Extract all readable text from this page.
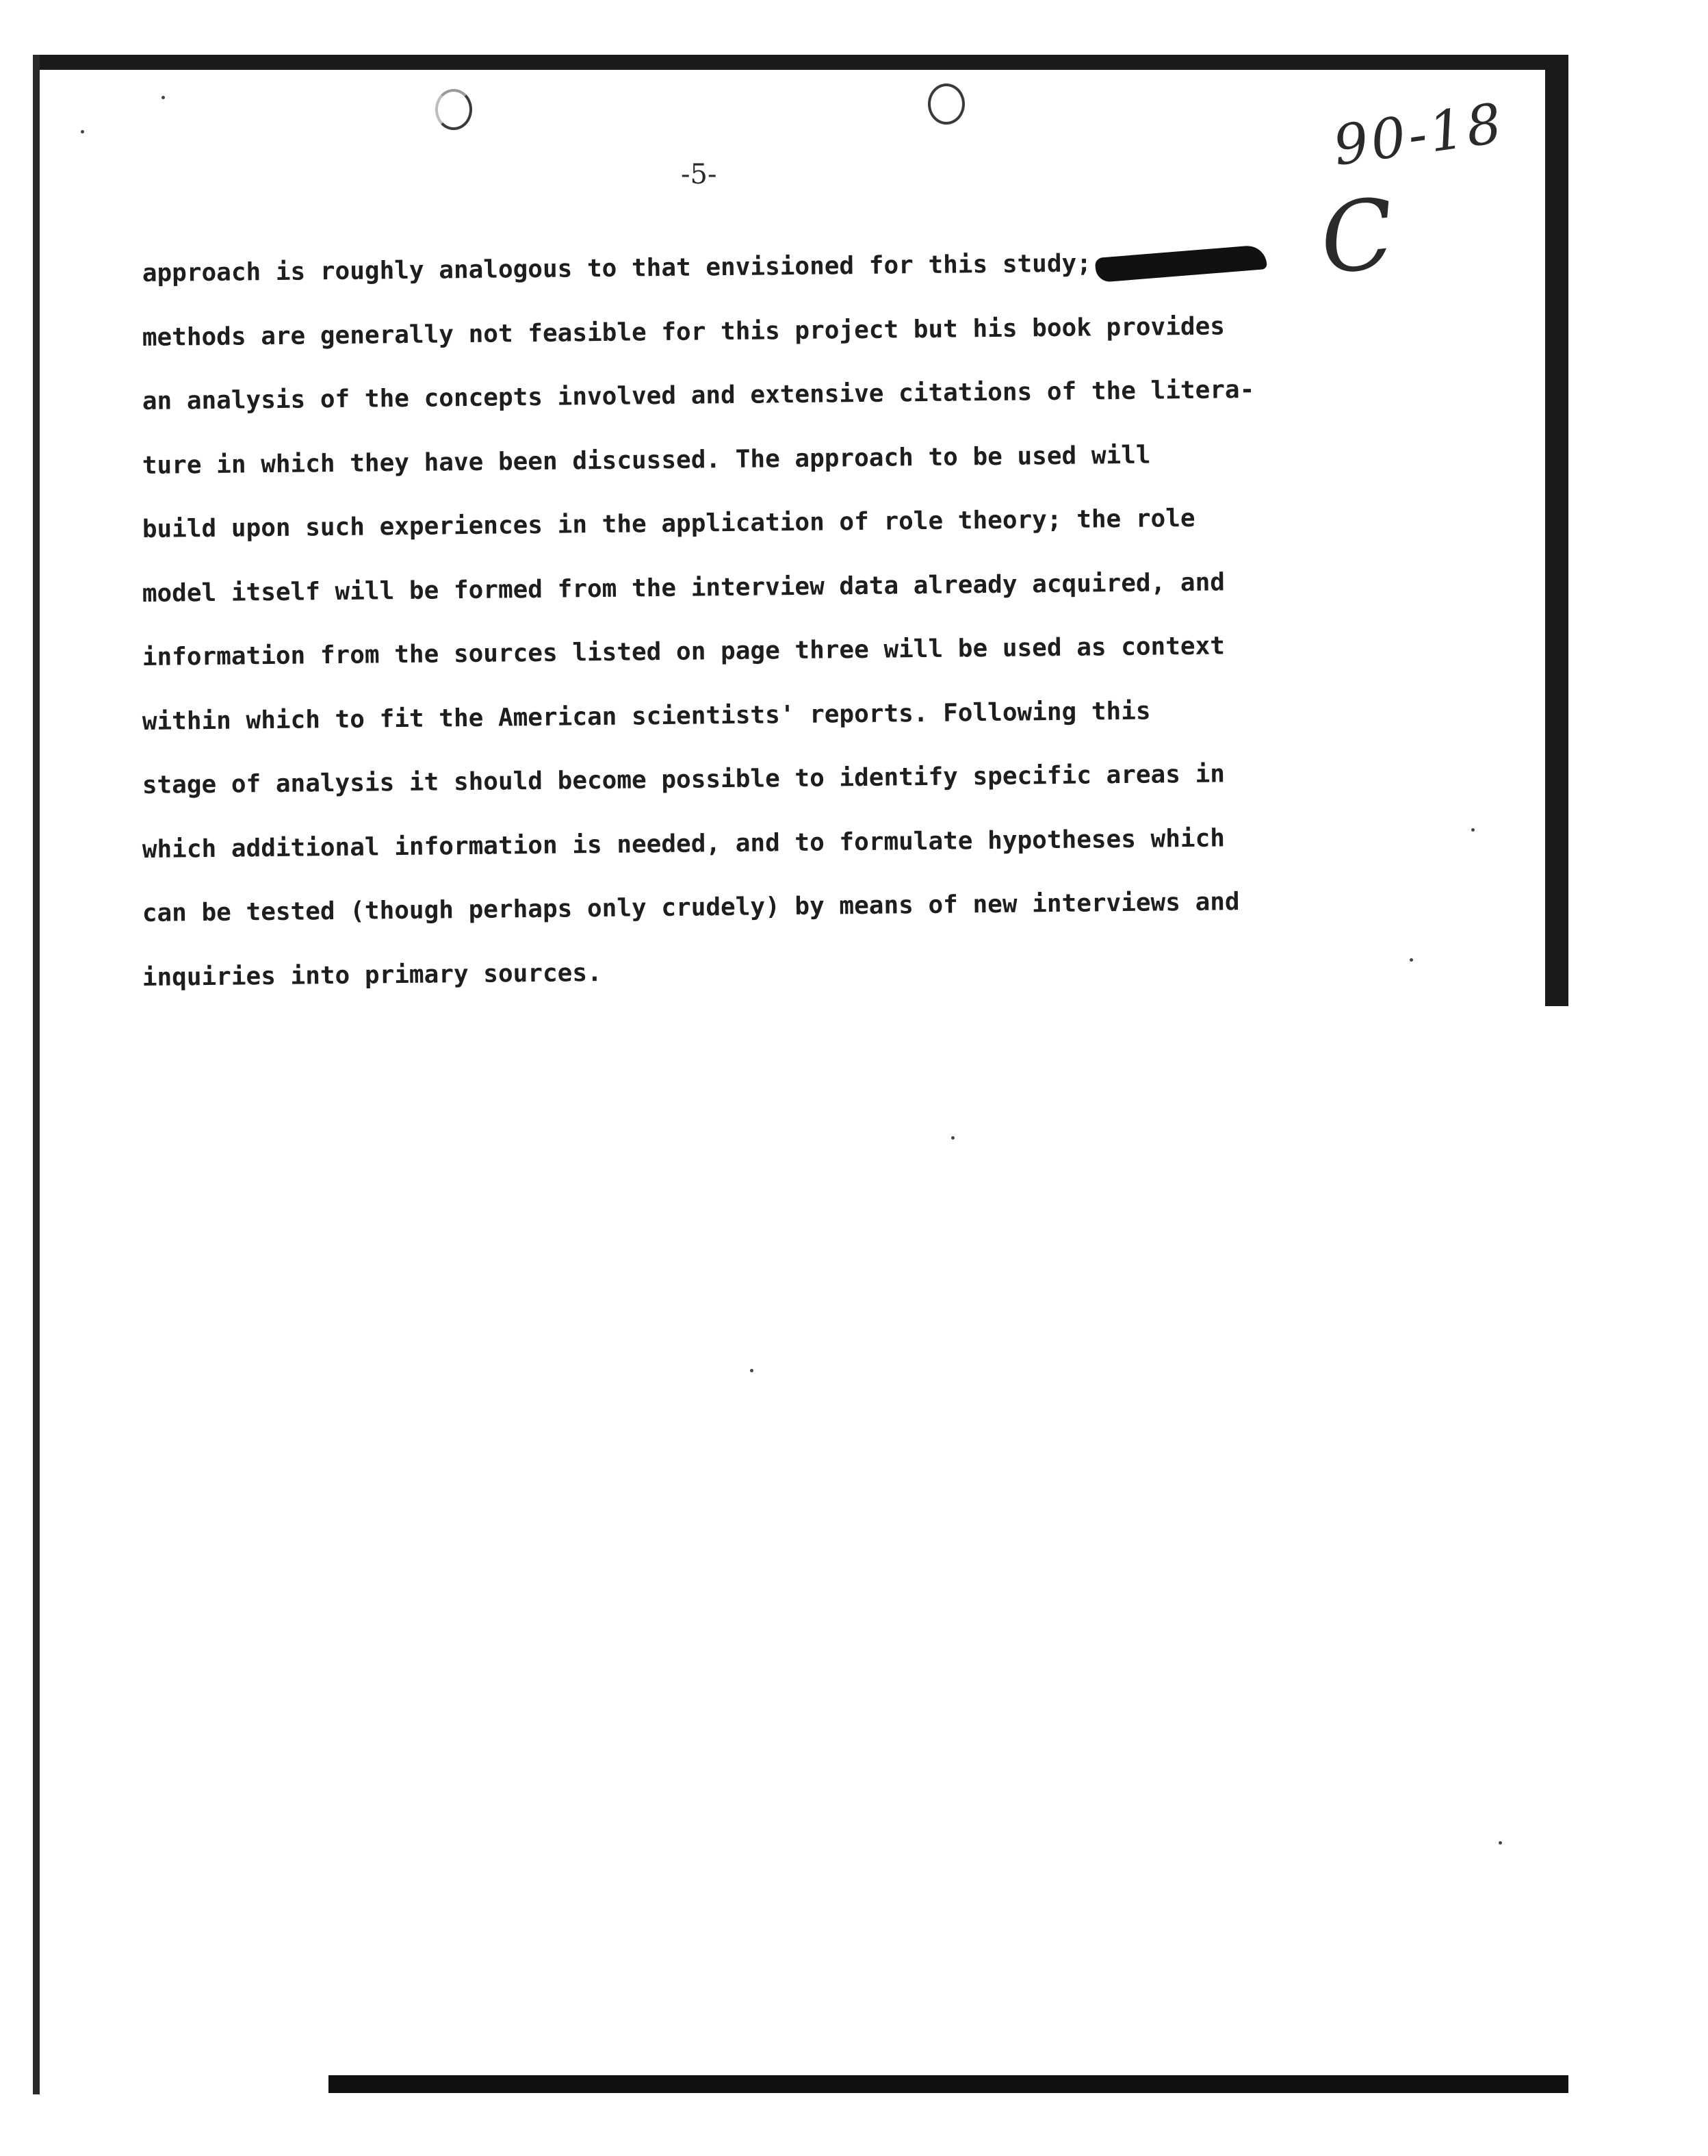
-5-	90-18
C
approach is roughly analogous to that envisioned for this study;
methods are generally not feasible for this project but his book provides
an analysis of the concepts involved and extensive citations of the litera-
ture in which they have been discussed. The approach to be used will
build upon such experiences in the application of role theory; the role
model itself will be formed from the interview data already acquired, and
information from the sources listed on page three will be used as context
within which to fit the American scientists' reports. Following this
stage of analysis it should become possible to identify specific areas in
which additional information is needed, and to formulate hypotheses which
can be tested (though perhaps only crudely) by means of new interviews and
inquiries into primary sources.
